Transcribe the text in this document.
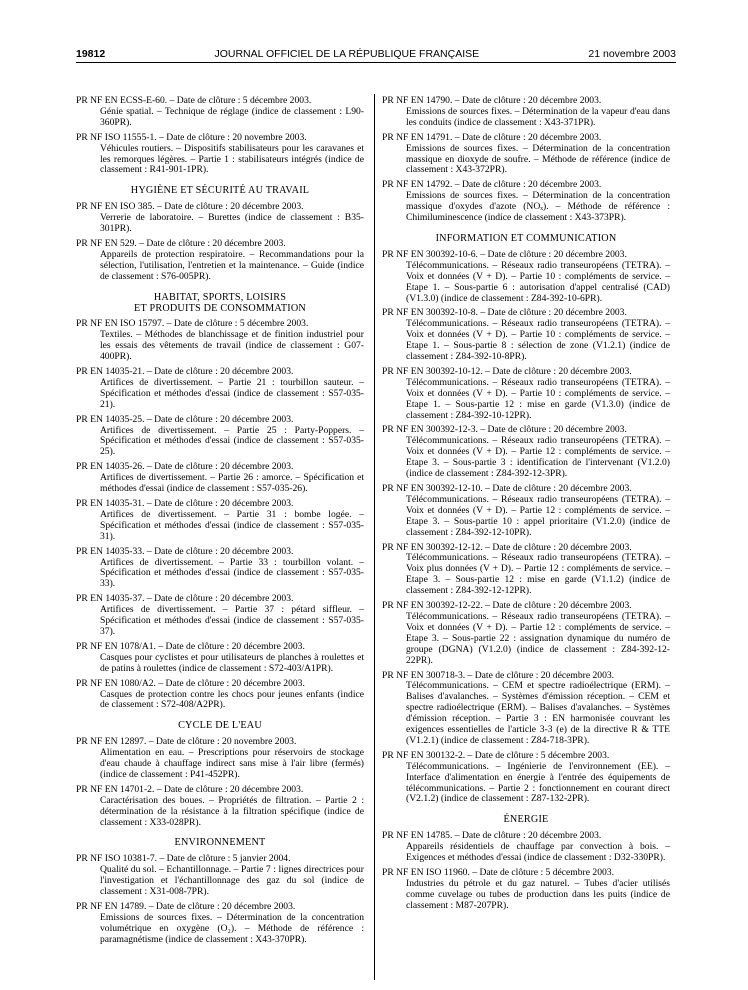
19812	JOURNAL OFFICIEL DE LA RÉPUBLIQUE FRANÇAISE	21 novembre 2003
PR NF EN ECSS-E-60. – Date de clôture : 5 décembre 2003.
Génie spatial. – Technique de réglage (indice de classement : L90-360PR).
PR NF ISO 11555-1. – Date de clôture : 20 novembre 2003.
Véhicules routiers. – Dispositifs stabilisateurs pour les caravanes et les remorques légères. – Partie 1 : stabilisateurs intégrés (indice de classement : R41-901-1PR).
HYGIÈNE ET SÉCURITÉ AU TRAVAIL
PR NF EN ISO 385. – Date de clôture : 20 décembre 2003.
Verrerie de laboratoire. – Burettes (indice de classement : B35-301PR).
PR NF EN 529. – Date de clôture : 20 décembre 2003.
Appareils de protection respiratoire. – Recommandations pour la sélection, l'utilisation, l'entretien et la maintenance. – Guide (indice de classement : S76-005PR).
HABITAT, SPORTS, LOISIRS
ET PRODUITS DE CONSOMMATION
PR NF EN ISO 15797. – Date de clôture : 5 décembre 2003.
Textiles. – Méthodes de blanchissage et de finition industriel pour les essais des vêtements de travail (indice de classement : G07-400PR).
PR EN 14035-21. – Date de clôture : 20 décembre 2003.
Artifices de divertissement. – Partie 21 : tourbillon sauteur. – Spécification et méthodes d'essai (indice de classement : S57-035-21).
PR EN 14035-25. – Date de clôture : 20 décembre 2003.
Artifices de divertissement. – Partie 25 : Party-Poppers. – Spécification et méthodes d'essai (indice de classement : S57-035-25).
PR EN 14035-26. – Date de clôture : 20 décembre 2003.
Artifices de divertissement. – Partie 26 : amorce. – Spécification et méthodes d'essai (indice de classement : S57-035-26).
PR EN 14035-31. – Date de clôture : 20 décembre 2003.
Artifices de divertissement. – Partie 31 : bombe logée. – Spécification et méthodes d'essai (indice de classement : S57-035-31).
PR EN 14035-33. – Date de clôture : 20 décembre 2003.
Artifices de divertissement. – Partie 33 : tourbillon volant. – Spécification et méthodes d'essai (indice de classement : S57-035-33).
PR EN 14035-37. – Date de clôture : 20 décembre 2003.
Artifices de divertissement. – Partie 37 : pétard siffleur. – Spécification et méthodes d'essai (indice de classement : S57-035-37).
PR NF EN 1078/A1. – Date de clôture : 20 décembre 2003.
Casques pour cyclistes et pour utilisateurs de planches à roulettes et de patins à roulettes (indice de classement : S72-403/A1PR).
PR NF EN 1080/A2. – Date de clôture : 20 décembre 2003.
Casques de protection contre les chocs pour jeunes enfants (indice de classement : S72-408/A2PR).
CYCLE DE L'EAU
PR NF EN 12897. – Date de clôture : 20 novembre 2003.
Alimentation en eau. – Prescriptions pour réservoirs de stockage d'eau chaude à chauffage indirect sans mise à l'air libre (fermés) (indice de classement : P41-452PR).
PR NF EN 14701-2. – Date de clôture : 20 décembre 2003.
Caractérisation des boues. – Propriétés de filtration. – Partie 2 : détermination de la résistance à la filtration spécifique (indice de classement : X33-028PR).
ENVIRONNEMENT
PR NF ISO 10381-7. – Date de clôture : 5 janvier 2004.
Qualité du sol. – Echantillonnage. – Partie 7 : lignes directrices pour l'investigation et l'échantillonnage des gaz du sol (indice de classement : X31-008-7PR).
PR NF EN 14789. – Date de clôture : 20 décembre 2003.
Emissions de sources fixes. – Détermination de la concentration volumétrique en oxygène (O₂). – Méthode de référence : paramagnétisme (indice de classement : X43-370PR).
PR NF EN 14790. – Date de clôture : 20 décembre 2003.
Emissions de sources fixes. – Détermination de la vapeur d'eau dans les conduits (indice de classement : X43-371PR).
PR NF EN 14791. – Date de clôture : 20 décembre 2003.
Emissions de sources fixes. – Détermination de la concentration massique en dioxyde de soufre. – Méthode de référence (indice de classement : X43-372PR).
PR NF EN 14792. – Date de clôture : 20 décembre 2003.
Emissions de sources fixes. – Détermination de la concentration massique d'oxydes d'azote (NOₓ). – Méthode de référence : Chimiluminescence (indice de classement : X43-373PR).
INFORMATION ET COMMUNICATION
PR NF EN 300392-10-6. – Date de clôture : 20 décembre 2003.
Télécommunications. – Réseaux radio transeuropéens (TETRA). – Voix et données (V + D). – Partie 10 : compléments de service. – Etape 1. – Sous-partie 6 : autorisation d'appel centralisé (CAD) (V1.3.0) (indice de classement : Z84-392-10-6PR).
PR NF EN 300392-10-8. – Date de clôture : 20 décembre 2003.
Télécommunications. – Réseaux radio transeuropéens (TETRA). – Voix et données (V + D). – Partie 10 : compléments de service. – Etape 1. – Sous-partie 8 : sélection de zone (V1.2.1) (indice de classement : Z84-392-10-8PR).
PR NF EN 300392-10-12. – Date de clôture : 20 décembre 2003.
Télécommunications. – Réseaux radio transeuropéens (TETRA). – Voix et données (V + D). – Partie 10 : compléments de service. – Etape 1. – Sous-partie 12 : mise en garde (V1.3.0) (indice de classement : Z84-392-10-12PR).
PR NF EN 300392-12-3. – Date de clôture : 20 décembre 2003.
Télécommunications. – Réseaux radio transeuropéens (TETRA). – Voix et données (V + D). – Partie 12 : compléments de service. – Etape 3. – Sous-partie 3 : identification de l'intervenant (V1.2.0) (indice de classement : Z84-392-12-3PR).
PR NF EN 300392-12-10. – Date de clôture : 20 décembre 2003.
Télécommunications. – Réseaux radio transeuropéens (TETRA). – Voix et données (V + D). – Partie 12 : compléments de service. – Etape 3. – Sous-partie 10 : appel prioritaire (V1.2.0) (indice de classement : Z84-392-12-10PR).
PR NF EN 300392-12-12. – Date de clôture : 20 décembre 2003.
Télécommunications. – Réseaux radio transeuropéens (TETRA). – Voix plus données (V + D). – Partie 12 : compléments de service. – Etape 3. – Sous-partie 12 : mise en garde (V1.1.2) (indice de classement : Z84-392-12-12PR).
PR NF EN 300392-12-22. – Date de clôture : 20 décembre 2003.
Télécommunications. – Réseaux radio transeuropéens (TETRA). – Voix et données (V + D). – Partie 12 : compléments de service. – Etape 3. – Sous-partie 22 : assignation dynamique du numéro de groupe (DGNA) (V1.2.0) (indice de classement : Z84-392-12-22PR).
PR NF EN 300718-3. – Date de clôture : 20 décembre 2003.
Télécommunications. – CEM et spectre radioélectrique (ERM). – Balises d'avalanches. – Systèmes d'émission réception. – CEM et spectre radioélectrique (ERM). – Balises d'avalanches. – Systèmes d'émission réception. – Partie 3 : EN harmonisée couvrant les exigences essentielles de l'article 3-3 (e) de la directive R & TTE (V1.2.1) (indice de classement : Z84-718-3PR).
PR NF EN 300132-2. – Date de clôture : 5 décembre 2003.
Télécommunications. – Ingénierie de l'environnement (EE). – Interface d'alimentation en énergie à l'entrée des équipements de télécommunications. – Partie 2 : fonctionnement en courant direct (V2.1.2) (indice de classement : Z87-132-2PR).
ÉNERGIE
PR NF EN 14785. – Date de clôture : 20 décembre 2003.
Appareils résidentiels de chauffage par convection à bois. – Exigences et méthodes d'essai (indice de classement : D32-330PR).
PR NF EN ISO 11960. – Date de clôture : 5 décembre 2003.
Industries du pétrole et du gaz naturel. – Tubes d'acier utilisés comme cuvelage ou tubes de production dans les puits (indice de classement : M87-207PR).
